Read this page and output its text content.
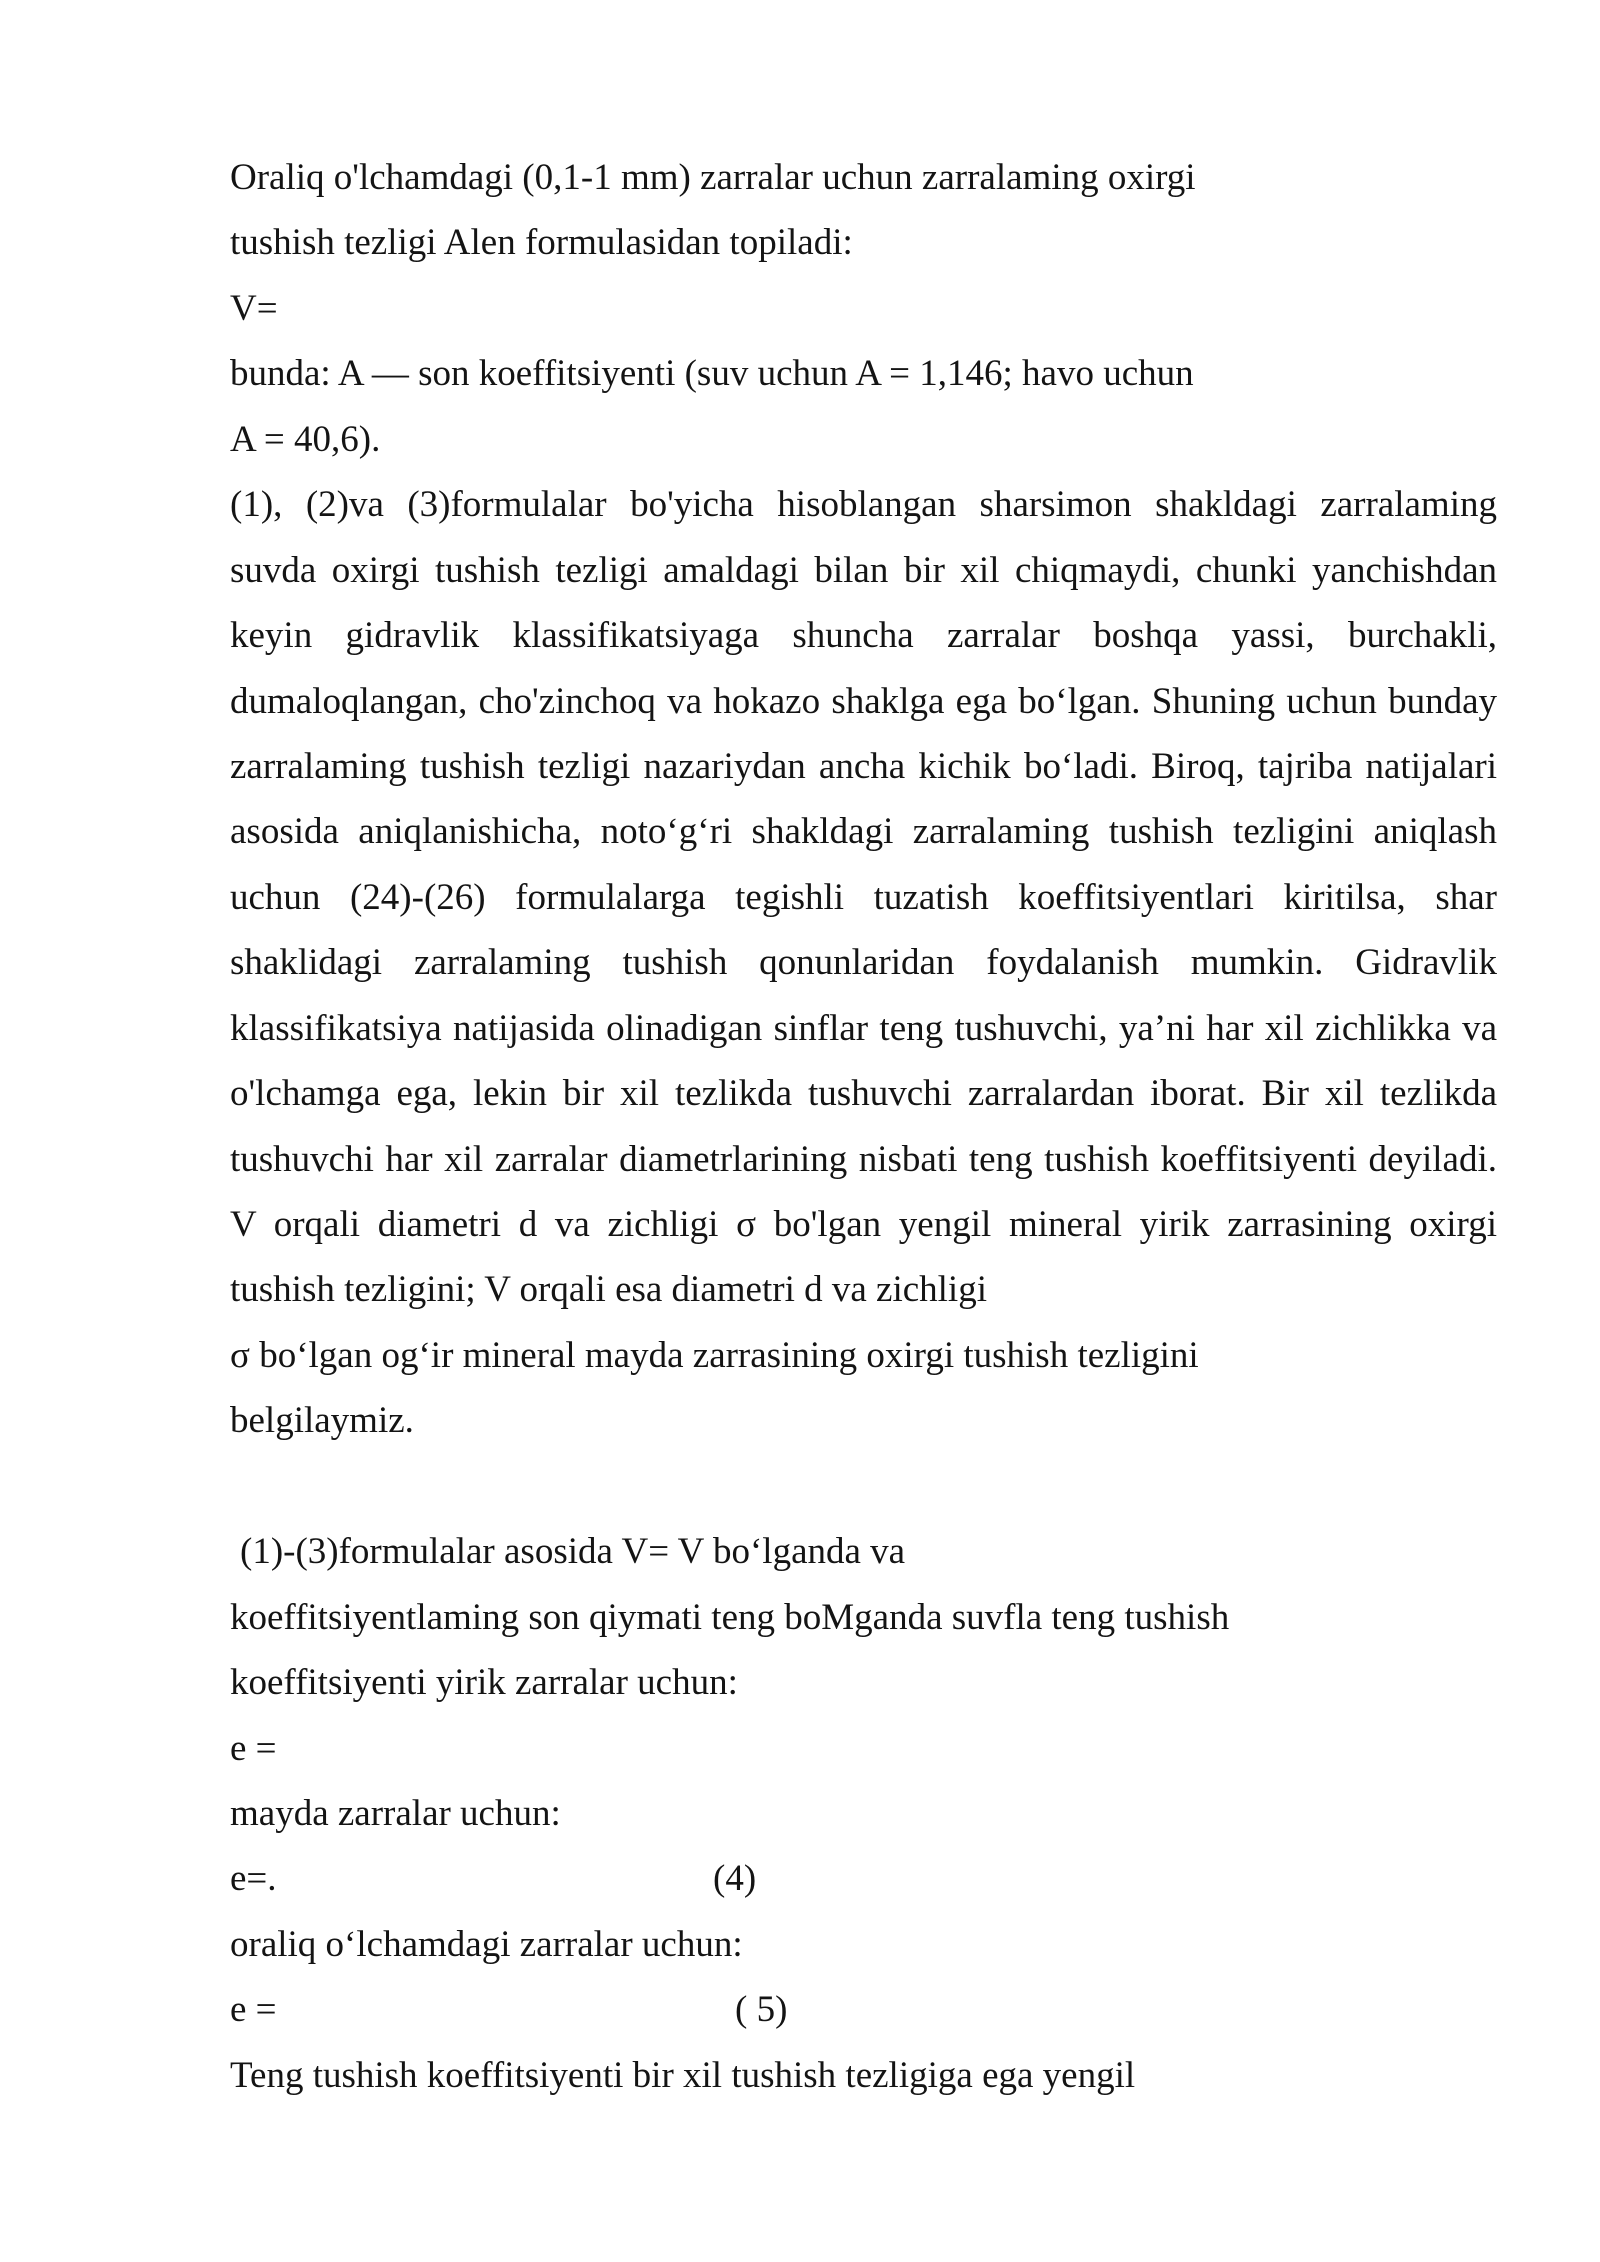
Oraliq o'lchamdagi (0,1-1 mm) zarralar uchun zarralaming oxirgi
tushish tezligi Alen formulasidan topiladi:
V=
bunda: A — son koeffitsiyenti (suv uchun A = 1,146; havo uchun
A = 40,6).
(1), (2)va (3)formulalar bo'yicha hisoblangan sharsimon shakldagi zarralaming
suvda oxirgi tushish tezligi amaldagi bilan bir xil chiqmaydi, chunki yanchishdan
keyin gidravlik klassifikatsiyaga shuncha zarralar boshqa yassi, burchakli,
dumaloqlangan, cho'zinchoq va hokazo shaklga ega bo‘lgan. Shuning uchun bunday
zarralaming tushish tezligi nazariydan ancha kichik bo‘ladi. Biroq, tajriba natijalari
asosida aniqlanishicha, noto‘g‘ri shakldagi zarralaming tushish tezligini aniqlash
uchun (24)-(26) formulalarga tegishli tuzatish koeffitsiyentlari kiritilsa, shar
shaklidagi zarralaming tushish qonunlaridan foydalanish mumkin. Gidravlik
klassifikatsiya natijasida olinadigan sinflar teng tushuvchi, ya’ni har xil zichlikka va
o'lchamga ega, lekin bir xil tezlikda tushuvchi zarralardan iborat. Bir xil tezlikda
tushuvchi har xil zarralar diametrlarining nisbati teng tushish koeffitsiyenti deyiladi.
V orqali diametri d va zichligi σ bo'lgan yengil mineral yirik zarrasining oxirgi
tushish tezligini; V orqali esa diametri d va zichligi
σ bo‘lgan og‘ir mineral mayda zarrasining oxirgi tushish tezligini
belgilaymiz.
(1)-(3)formulalar asosida V= V bo‘lganda va
koeffitsiyentlaming son qiymati teng boMganda suvfla teng tushish
koeffitsiyenti yirik zarralar uchun:
e =
mayda zarralar uchun:
e=.	(4)
oraliq o‘lchamdagi zarralar uchun:
e =	( 5)
Teng tushish koeffitsiyenti bir xil tushish tezligiga ega yengil
